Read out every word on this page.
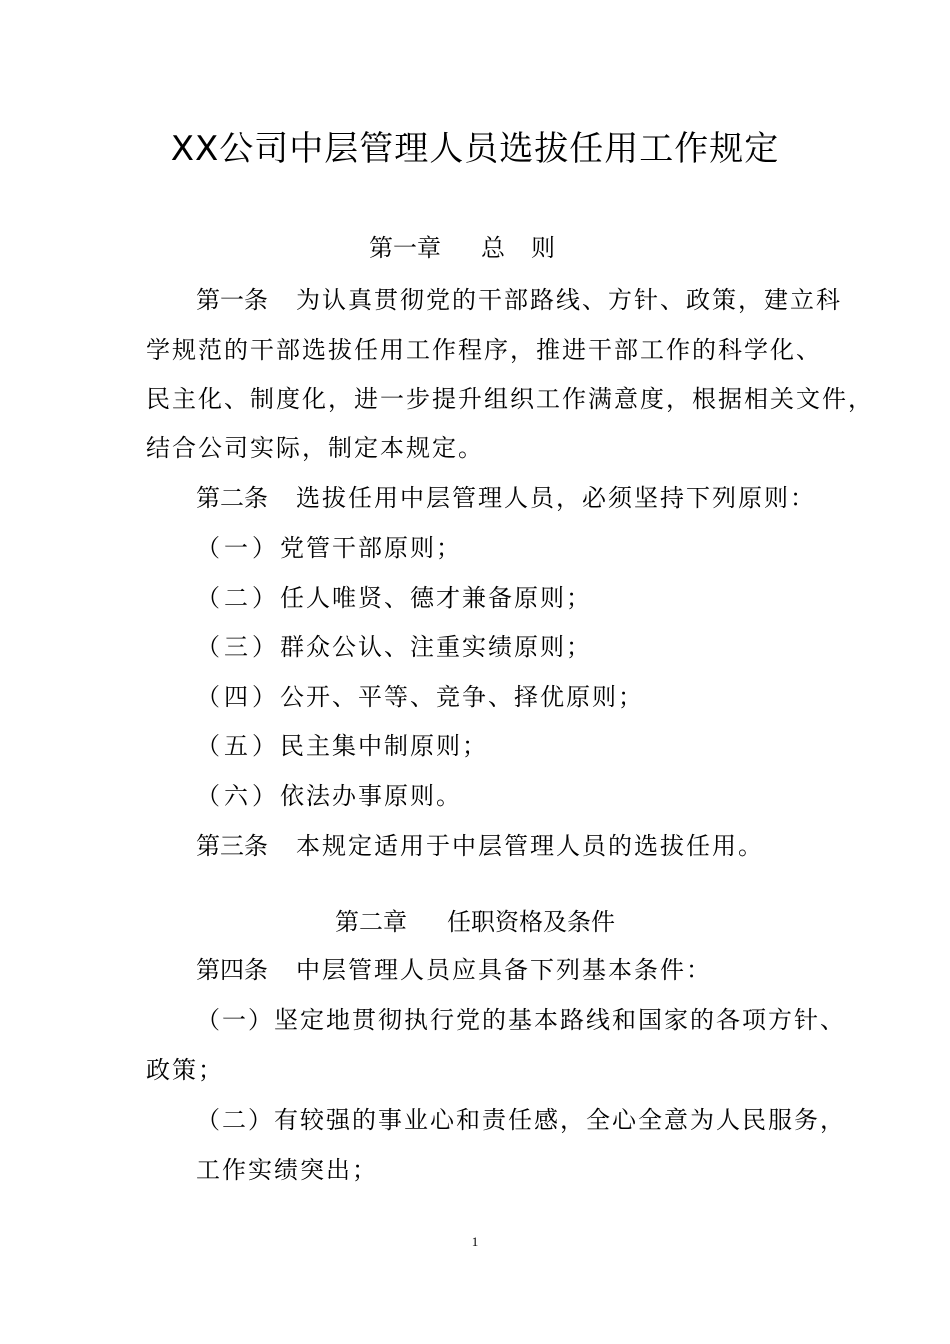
XX公司中层管理人员选拔任用工作规定
第一章 总则
第一条 为认真贯彻党的干部路线、方针、政策，建立科
学规范的干部选拔任用工作程序，推进干部工作的科学化、
民主化、制度化，进一步提升组织工作满意度，根据相关文件，
结合公司实际，制定本规定。
第二条 选拔任用中层管理人员，必须坚持下列原则：
（一）党管干部原则；
（二）任人唯贤、德才兼备原则；
（三）群众公认、注重实绩原则；
（四）公开、平等、竞争、择优原则；
（五）民主集中制原则；
（六）依法办事原则。
第三条 本规定适用于中层管理人员的选拔任用。
第二章 任职资格及条件
第四条 中层管理人员应具备下列基本条件：
（一）坚定地贯彻执行党的基本路线和国家的各项方针、
政策；
（二）有较强的事业心和责任感，全心全意为人民服务，
工作实绩突出；
1
